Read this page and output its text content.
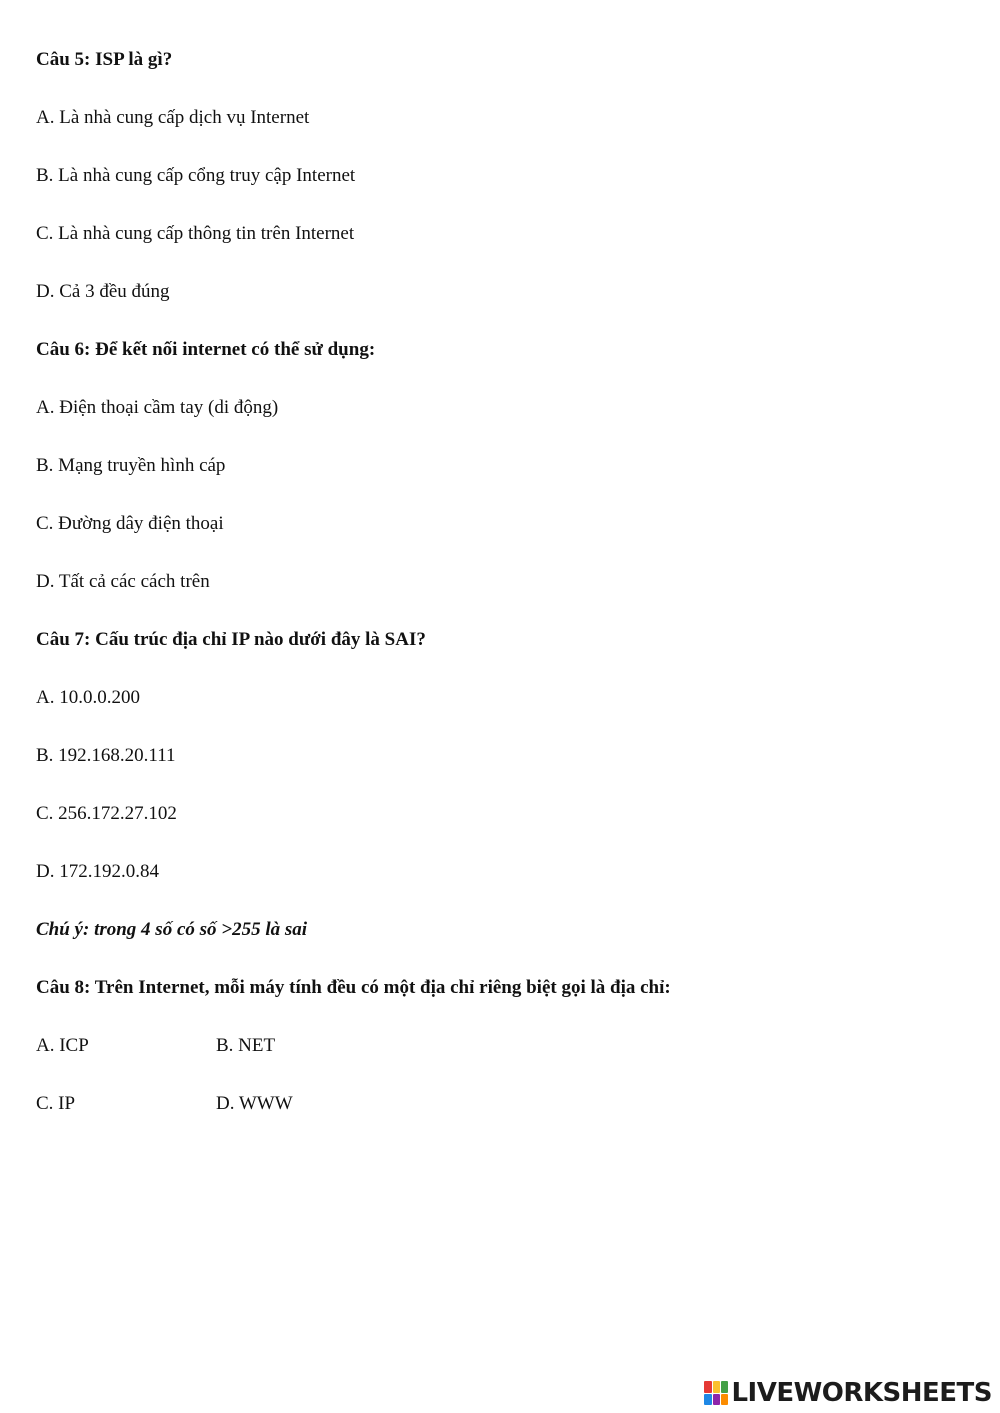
Câu 5: ISP là gì?
A. Là nhà cung cấp dịch vụ Internet
B. Là nhà cung cấp cổng truy cập Internet
C. Là nhà cung cấp thông tin trên Internet
D. Cả 3 đều đúng
Câu 6: Để kết nối internet có thể sử dụng:
A. Điện thoại cầm tay (di động)
B. Mạng truyền hình cáp
C. Đường dây điện thoại
D. Tất cả các cách trên
Câu 7: Cấu trúc địa chỉ IP nào dưới đây là SAI?
A. 10.0.0.200
B. 192.168.20.111
C. 256.172.27.102
D. 172.192.0.84
Chú ý: trong 4 số có số >255 là sai
Câu 8: Trên Internet, mỗi máy tính đều có một địa chỉ riêng biệt gọi là địa chỉ:
A. ICP	B. NET
C. IP	D. WWW
LIVEWORKSHEETS
